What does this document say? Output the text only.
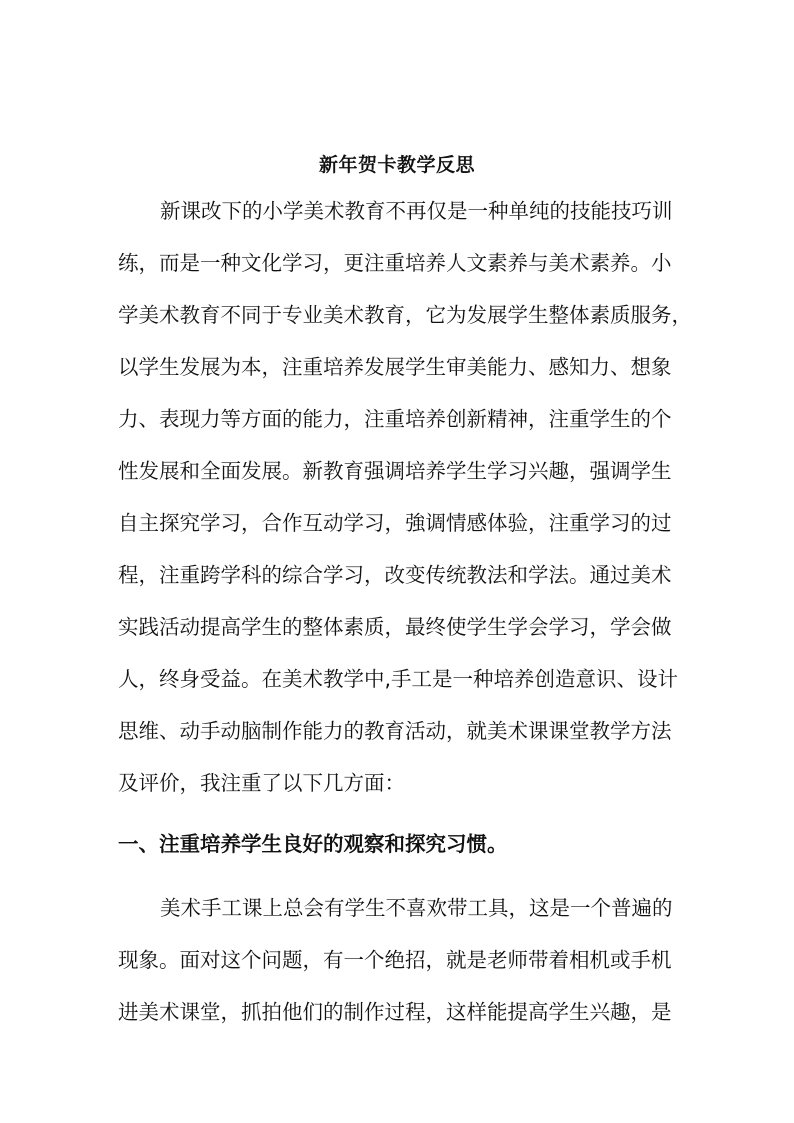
新年贺卡教学反思
新课改下的小学美术教育不再仅是一种单纯的技能技巧训
练，而是一种文化学习，更注重培养人文素养与美术素养。小
学美术教育不同于专业美术教育，它为发展学生整体素质服务，
以学生发展为本，注重培养发展学生审美能力、感知力、想象
力、表现力等方面的能力，注重培养创新精神，注重学生的个
性发展和全面发展。新教育强调培养学生学习兴趣，强调学生
自主探究学习，合作互动学习，強调情感体验，注重学习的过
程，注重跨学科的综合学习，改变传统教法和学法。通过美术
实践活动提高学生的整体素质，最终使学生学会学习，学会做
人，终身受益。在美术教学中,手工是一种培养创造意识、设计
思维、动手动脑制作能力的教育活动，就美术课课堂教学方法
及评价，我注重了以下几方面：
一、注重培养学生良好的观察和探究习惯。
美术手工课上总会有学生不喜欢带工具，这是一个普遍的
现象。面对这个问题，有一个绝招，就是老师带着相机或手机
进美术课堂，抓拍他们的制作过程，这样能提高学生兴趣，是
